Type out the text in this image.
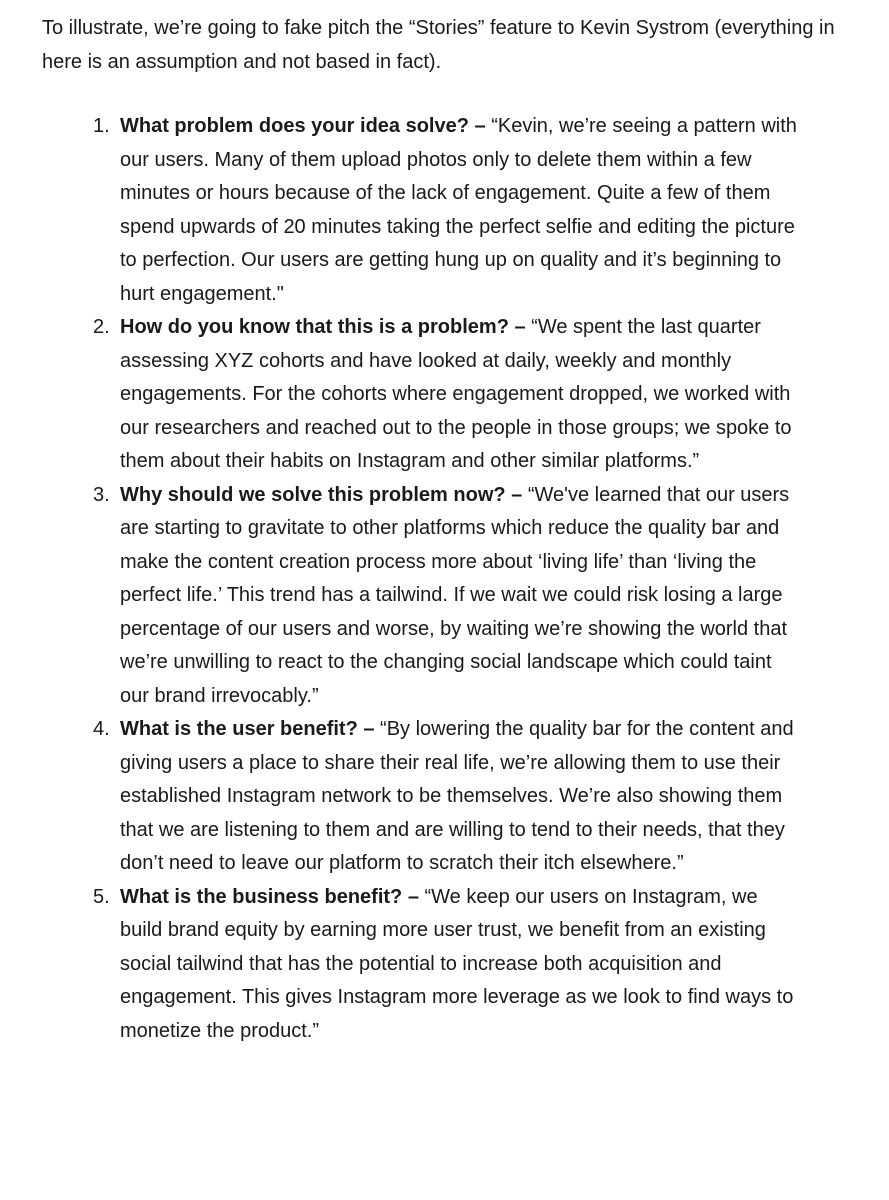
To illustrate, we’re going to fake pitch the “Stories” feature to Kevin Systrom (everything in here is an assumption and not based in fact).

1. What problem does your idea solve? – “Kevin, we’re seeing a pattern with our users. Many of them upload photos only to delete them within a few minutes or hours because of the lack of engagement. Quite a few of them spend upwards of 20 minutes taking the perfect selfie and editing the picture to perfection. Our users are getting hung up on quality and it’s beginning to hurt engagement."
2. How do you know that this is a problem? – “We spent the last quarter assessing XYZ cohorts and have looked at daily, weekly and monthly engagements. For the cohorts where engagement dropped, we worked with our researchers and reached out to the people in those groups; we spoke to them about their habits on Instagram and other similar platforms.”
3. Why should we solve this problem now? – “We've learned that our users are starting to gravitate to other platforms which reduce the quality bar and make the content creation process more about ‘living life’ than ‘living the perfect life.’ This trend has a tailwind. If we wait we could risk losing a large percentage of our users and worse, by waiting we’re showing the world that we’re unwilling to react to the changing social landscape which could taint our brand irrevocably.”
4. What is the user benefit? – “By lowering the quality bar for the content and giving users a place to share their real life, we’re allowing them to use their established Instagram network to be themselves. We’re also showing them that we are listening to them and are willing to tend to their needs, that they don’t need to leave our platform to scratch their itch elsewhere.”
5. What is the business benefit? – “We keep our users on Instagram, we build brand equity by earning more user trust, we benefit from an existing social tailwind that has the potential to increase both acquisition and engagement. This gives Instagram more leverage as we look to find ways to monetize the product.”
